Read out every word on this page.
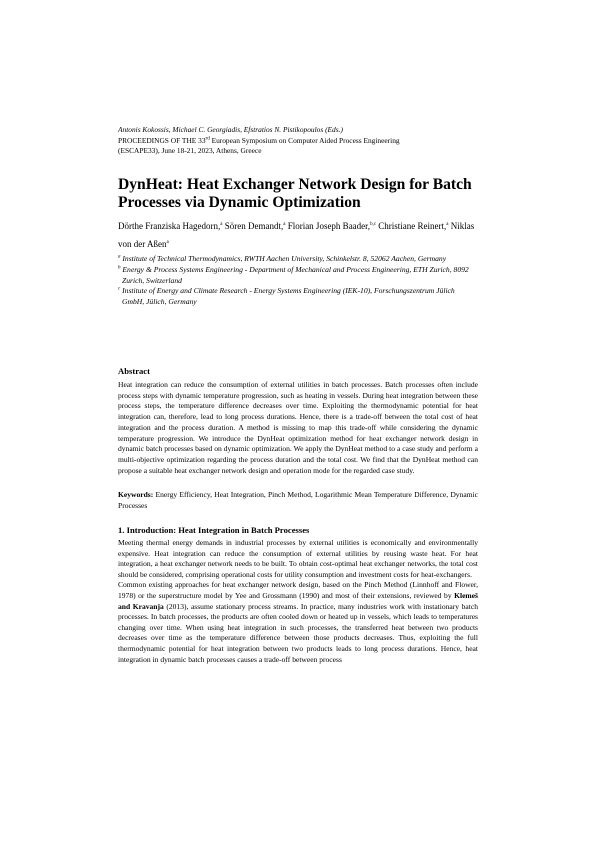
Antonis Kokossis, Michael C. Georgiadis, Efstratios N. Pistikopoulos (Eds.)
PROCEEDINGS OF THE 33rd European Symposium on Computer Aided Process Engineering
(ESCAPE33), June 18-21, 2023, Athens, Greece
DynHeat: Heat Exchanger Network Design for Batch Processes via Dynamic Optimization
Dörthe Franziska Hagedorn,$^a$ Sören Demandt,$^a$ Florian Joseph Baader,$^{b,c}$ Christiane Reinert,$^a$ Niklas von der Aßen$^a$
$^a$ Institute of Technical Thermodynamics, RWTH Aachen University, Schinkelstr. 8, 52062 Aachen, Germany
$^b$ Energy & Process Systems Engineering - Department of Mechanical and Process Engineering, ETH Zurich, 8092 Zurich, Switzerland
$^c$ Institute of Energy and Climate Research - Energy Systems Engineering (IEK-10), Forschungszentrum Jülich GmbH, Jülich, Germany
Abstract
Heat integration can reduce the consumption of external utilities in batch processes. Batch processes often include process steps with dynamic temperature progression, such as heating in vessels. During heat integration between these process steps, the temperature difference decreases over time. Exploiting the thermodynamic potential for heat integration can, therefore, lead to long process durations. Hence, there is a trade-off between the total cost of heat integration and the process duration. A method is missing to map this trade-off while considering the dynamic temperature progression. We introduce the DynHeat optimization method for heat exchanger network design in dynamic batch processes based on dynamic optimization. We apply the DynHeat method to a case study and perform a multi-objective optimization regarding the process duration and the total cost. We find that the DynHeat method can propose a suitable heat exchanger network design and operation mode for the regarded case study.
Keywords: Energy Efficiency, Heat Integration, Pinch Method, Logarithmic Mean Temperature Difference, Dynamic Processes
1. Introduction: Heat Integration in Batch Processes

Meeting thermal energy demands in industrial processes by external utilities is economically and environmentally expensive. Heat integration can reduce the consumption of external utilities by reusing waste heat. For heat integration, a heat exchanger network needs to be built. To obtain cost-optimal heat exchanger networks, the total cost should be considered, comprising operational costs for utility consumption and investment costs for heat-exchangers.

Common existing approaches for heat exchanger network design, based on the Pinch Method (Linnhoff and Flower, 1978) or the superstructure model by Yee and Grossmann (1990) and most of their extensions, reviewed by Klemeš and Kravanja (2013), assume stationary process streams. In practice, many industries work with instationary batch processes. In batch processes, the products are often cooled down or heated up in vessels, which leads to temperatures changing over time. When using heat integration in such processes, the transferred heat between two products decreases over time as the temperature difference between those products decreases. Thus, exploiting the full thermodynamic potential for heat integration between two products leads to long process durations. Hence, heat integration in dynamic batch processes causes a trade-off between process
